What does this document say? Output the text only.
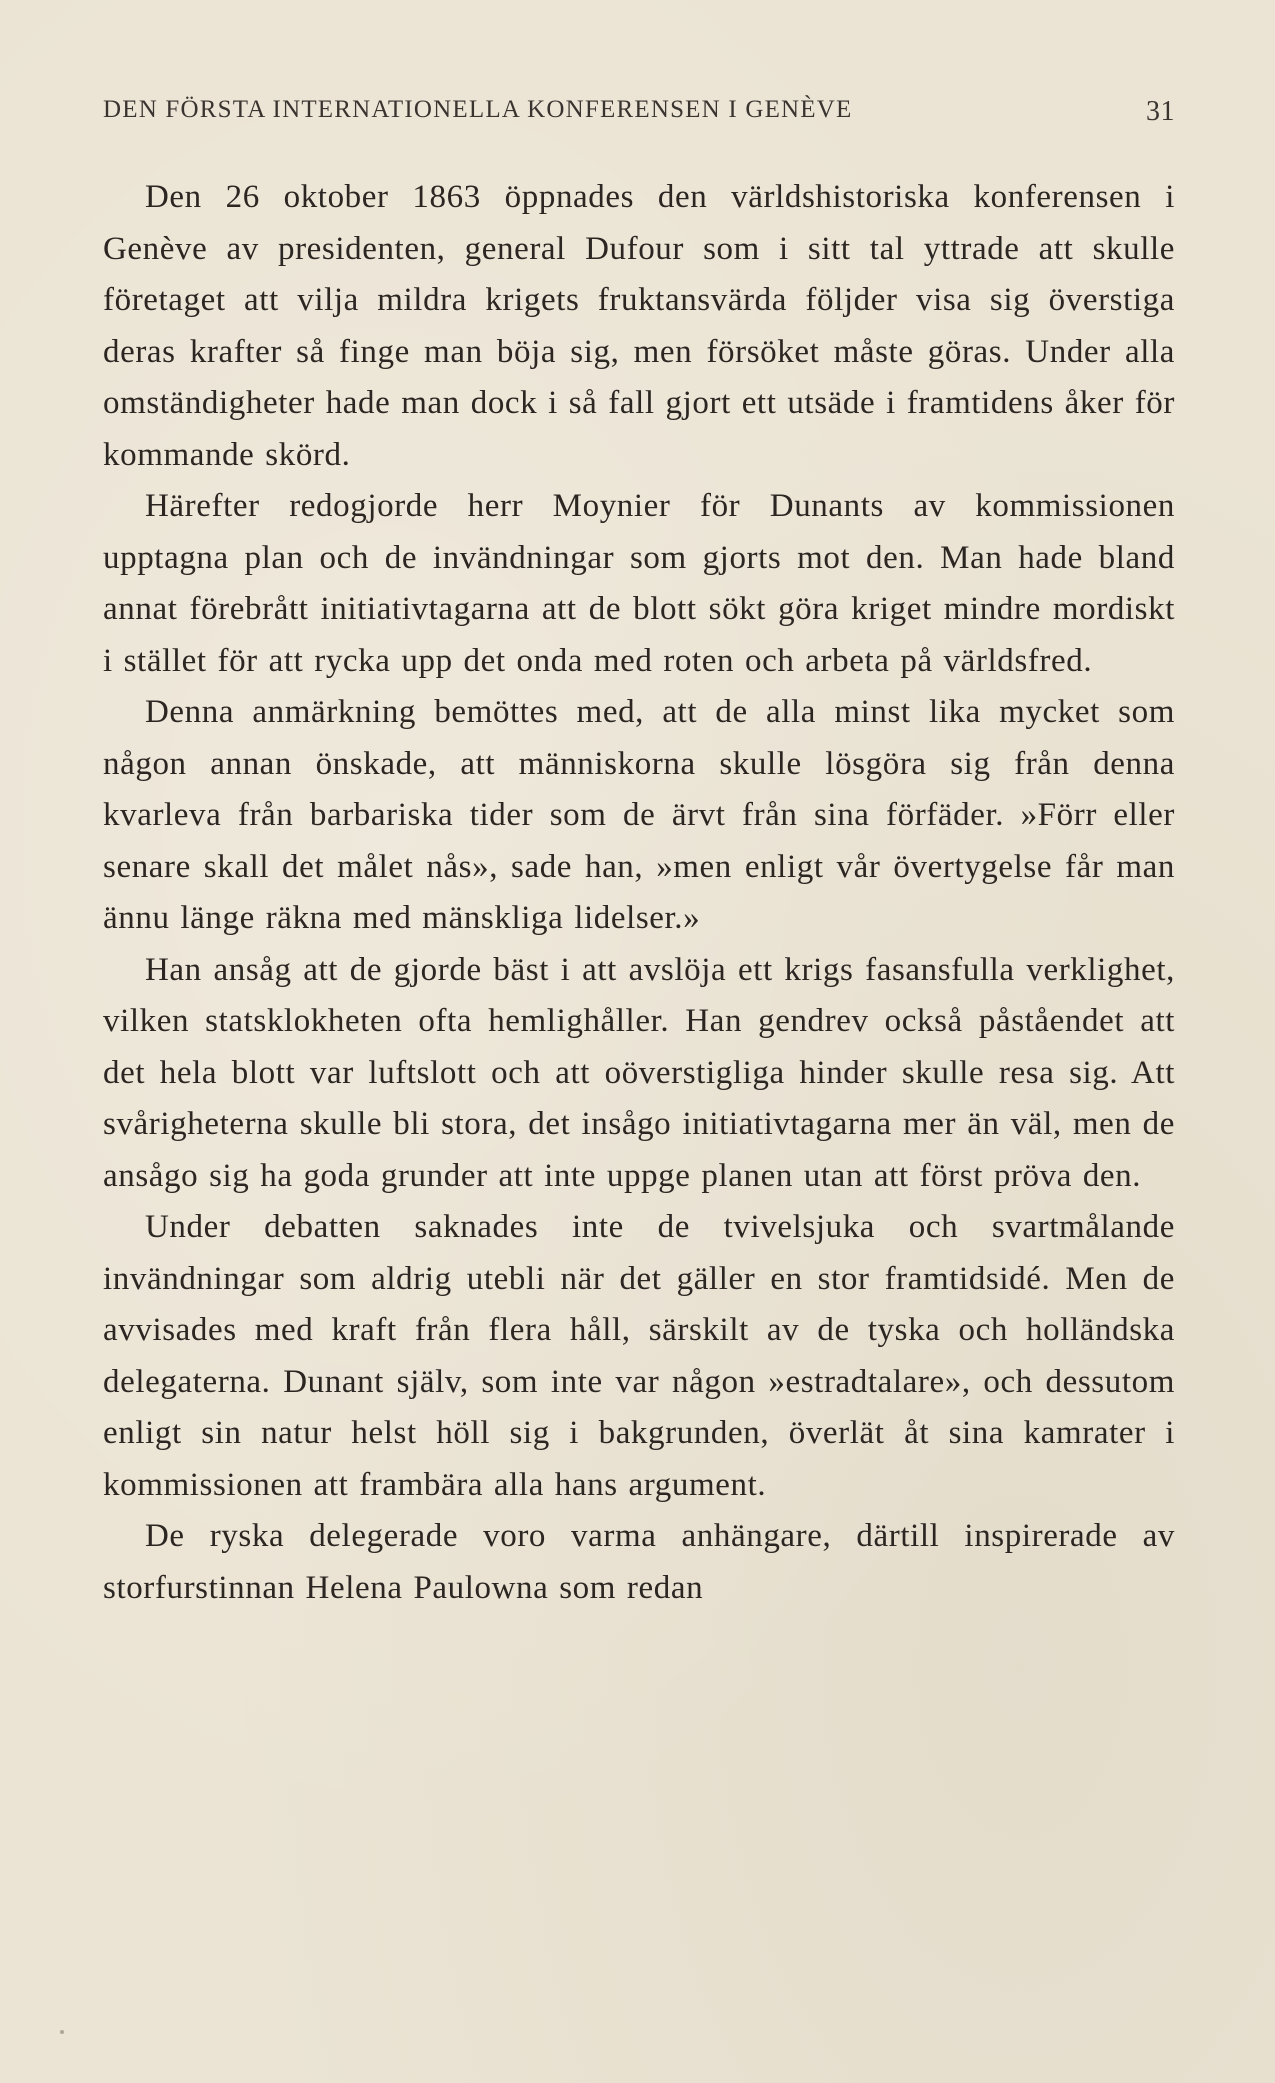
DEN FÖRSTA INTERNATIONELLA KONFERENSEN I GENÈVE	31

Den 26 oktober 1863 öppnades den världshistoriska konferensen i Genève av presidenten, general Dufour som i sitt tal yttrade att skulle företaget att vilja mildra krigets fruktansvärda följder visa sig överstiga deras krafter så finge man böja sig, men försöket måste göras. Under alla omständigheter hade man dock i så fall gjort ett utsäde i framtidens åker för kommande skörd.

Härefter redogjorde herr Moynier för Dunants av kommissionen upptagna plan och de invändningar som gjorts mot den. Man hade bland annat förebrått initiativtagarna att de blott sökt göra kriget mindre mordiskt i stället för att rycka upp det onda med roten och arbeta på världsfred.

Denna anmärkning bemöttes med, att de alla minst lika mycket som någon annan önskade, att människorna skulle lösgöra sig från denna kvarleva från barbariska tider som de ärvt från sina förfäder. »Förr eller senare skall det målet nås», sade han, »men enligt vår övertygelse får man ännu länge räkna med mänskliga lidelser.»

Han ansåg att de gjorde bäst i att avslöja ett krigs fasansfulla verklighet, vilken statsklokheten ofta hemlighåller. Han gendrev också påståendet att det hela blott var luftslott och att oöverstigliga hinder skulle resa sig. Att svårigheterna skulle bli stora, det insågo initiativtagarna mer än väl, men de ansågo sig ha goda grunder att inte uppge planen utan att först pröva den.

Under debatten saknades inte de tvivelsjuka och svartmålande invändningar som aldrig utebli när det gäller en stor framtidsidé. Men de avvisades med kraft från flera håll, särskilt av de tyska och holländska delegaterna. Dunant själv, som inte var någon »estradtalare», och dessutom enligt sin natur helst höll sig i bakgrunden, överlät åt sina kamrater i kommissionen att frambära alla hans argument.

De ryska delegerade voro varma anhängare, därtill inspirerade av storfurstinnan Helena Paulowna som redan
